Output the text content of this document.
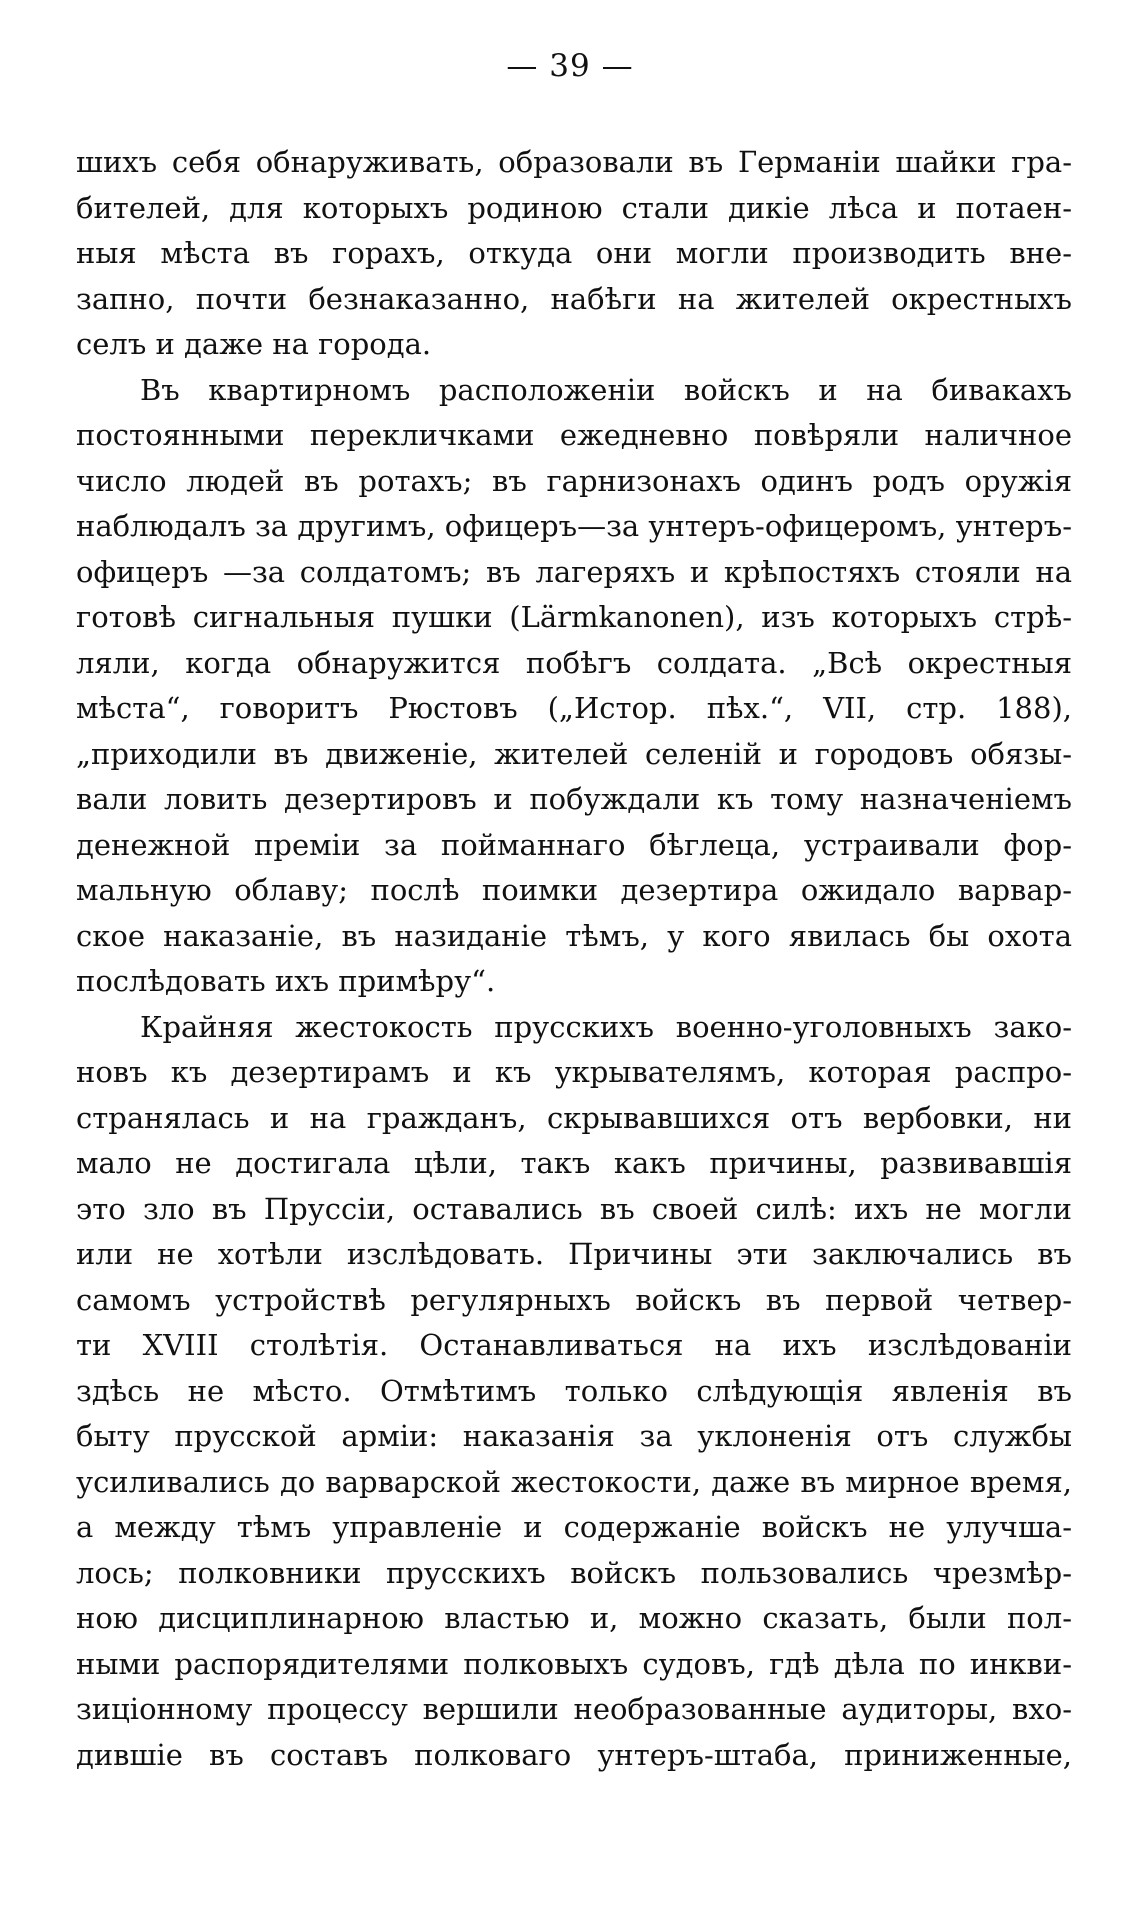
— 39 —
шихъ себя обнаруживать, образовали въ Германіи шайки гра-
бителей, для которыхъ родиною стали дикіе лѣса и потаен-
ныя мѣста въ горахъ, откуда они могли производить вне-
запно, почти безнаказанно, набѣги на жителей окрестныхъ
селъ и даже на города.
Въ квартирномъ расположеніи войскъ и на бивакахъ
постоянными перекличками ежедневно повѣряли наличное
число людей въ ротахъ; въ гарнизонахъ одинъ родъ оружія
наблюдалъ за другимъ, офицеръ—за унтеръ-офицеромъ, унтеръ-
офицеръ —за солдатомъ; въ лагеряхъ и крѣпостяхъ стояли на
готовѣ сигнальныя пушки (Lärmkanonen), изъ которыхъ стрѣ-
ляли, когда обнаружится побѣгъ солдата. „Всѣ окрестныя
мѣста“, говоритъ Рюстовъ („Истор. пѣх.“, VII, стр. 188),
„приходили въ движеніе, жителей селеній и городовъ обязы-
вали ловить дезертировъ и побуждали къ тому назначеніемъ
денежной преміи за пойманнаго бѣглеца, устраивали фор-
мальную облаву; послѣ поимки дезертира ожидало варвар-
ское наказаніе, въ назиданіе тѣмъ, у кого явилась бы охота
послѣдовать ихъ примѣру“.
Крайняя жестокость прусскихъ военно-уголовныхъ зако-
новъ къ дезертирамъ и къ укрывателямъ, которая распро-
странялась и на гражданъ, скрывавшихся отъ вербовки, ни
мало не достигала цѣли, такъ какъ причины, развивавшія
это зло въ Пруссіи, оставались въ своей силѣ: ихъ не могли
или не хотѣли изслѣдовать. Причины эти заключались въ
самомъ устройствѣ регулярныхъ войскъ въ первой четвер-
ти XVIII столѣтія. Останавливаться на ихъ изслѣдованіи
здѣсь не мѣсто. Отмѣтимъ только слѣдующія явленія въ
быту прусской арміи: наказанія за уклоненія отъ службы
усиливались до варварской жестокости, даже въ мирное время,
а между тѣмъ управленіе и содержаніе войскъ не улучша-
лось; полковники прусскихъ войскъ пользовались чрезмѣр-
ною дисциплинарною властью и, можно сказать, были пол-
ными распорядителями полковыхъ судовъ, гдѣ дѣла по инкви-
зиціонному процессу вершили необразованные аудиторы, вхо-
дившіе въ составъ полковаго унтеръ-штаба, приниженные,
